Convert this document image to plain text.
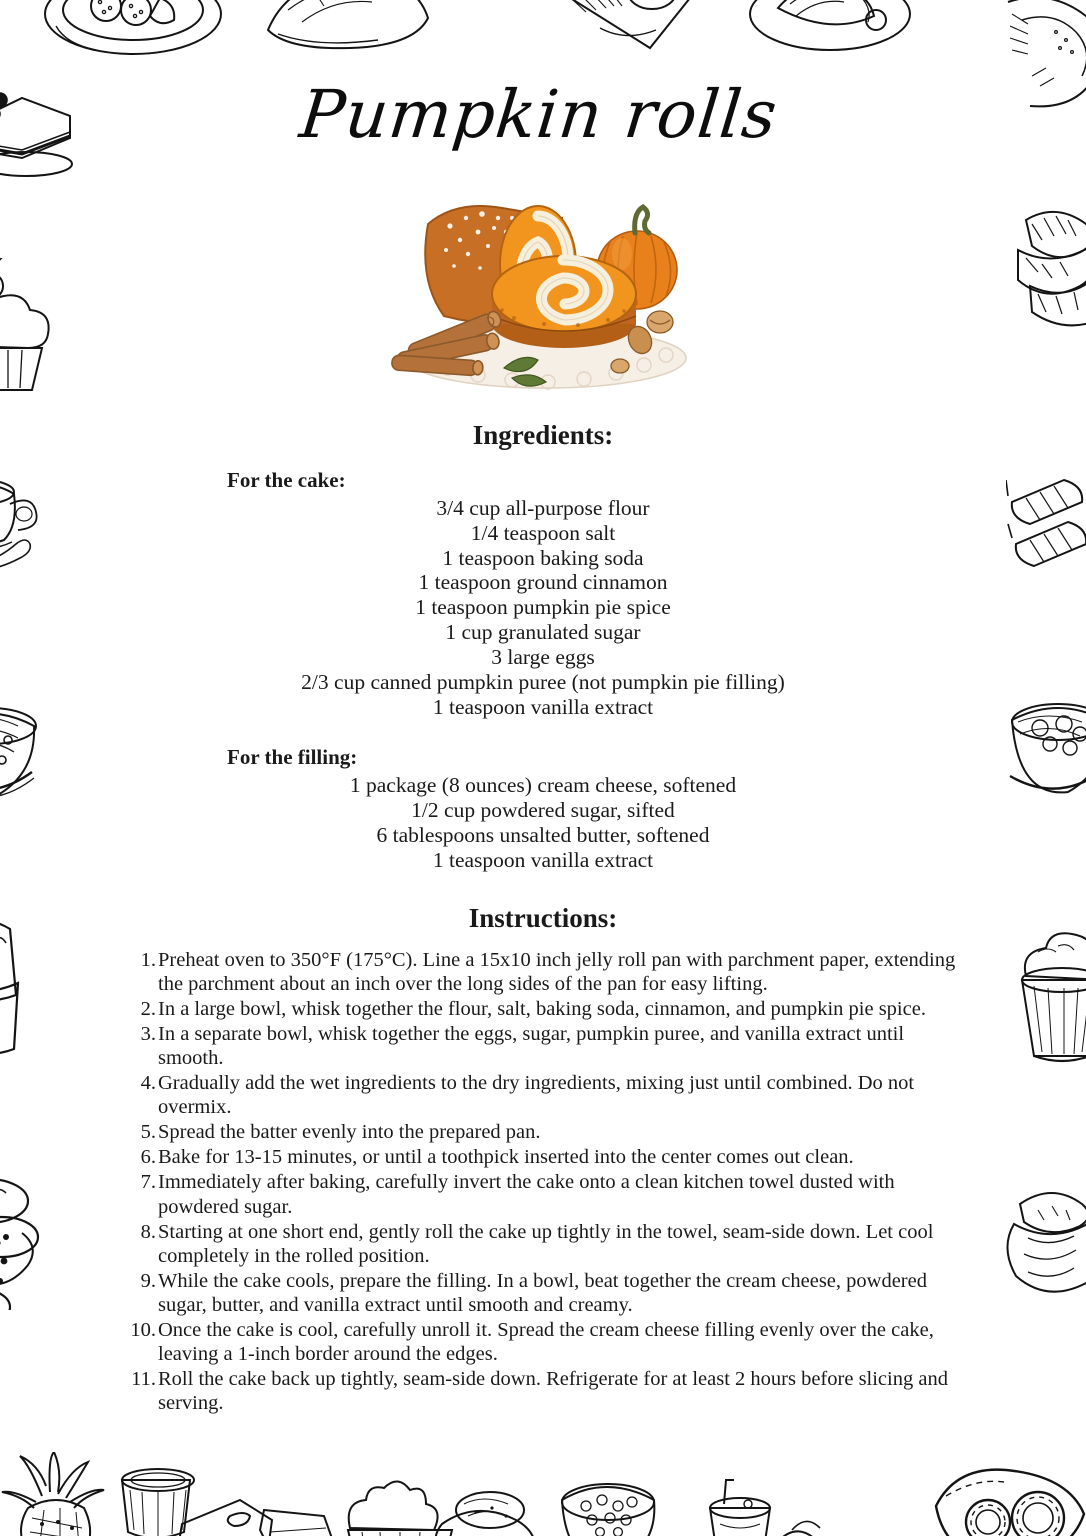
Pumpkin rolls
Ingredients:
For the cake:
3/4 cup all-purpose flour
1/4 teaspoon salt
1 teaspoon baking soda
1 teaspoon ground cinnamon
1 teaspoon pumpkin pie spice
1 cup granulated sugar
3 large eggs
2/3 cup canned pumpkin puree (not pumpkin pie filling)
1 teaspoon vanilla extract
For the filling:
1 package (8 ounces) cream cheese, softened
1/2 cup powdered sugar, sifted
6 tablespoons unsalted butter, softened
1 teaspoon vanilla extract
Instructions:
Preheat oven to 350°F (175°C). Line a 15x10 inch jelly roll pan with parchment paper, extending the parchment about an inch over the long sides of the pan for easy lifting.
In a large bowl, whisk together the flour, salt, baking soda, cinnamon, and pumpkin pie spice.
In a separate bowl, whisk together the eggs, sugar, pumpkin puree, and vanilla extract until smooth.
Gradually add the wet ingredients to the dry ingredients, mixing just until combined. Do not overmix.
Spread the batter evenly into the prepared pan.
Bake for 13-15 minutes, or until a toothpick inserted into the center comes out clean.
Immediately after baking, carefully invert the cake onto a clean kitchen towel dusted with powdered sugar.
Starting at one short end, gently roll the cake up tightly in the towel, seam-side down. Let cool completely in the rolled position.
While the cake cools, prepare the filling. In a bowl, beat together the cream cheese, powdered sugar, butter, and vanilla extract until smooth and creamy.
Once the cake is cool, carefully unroll it. Spread the cream cheese filling evenly over the cake, leaving a 1-inch border around the edges.
Roll the cake back up tightly, seam-side down. Refrigerate for at least 2 hours before slicing and serving.
